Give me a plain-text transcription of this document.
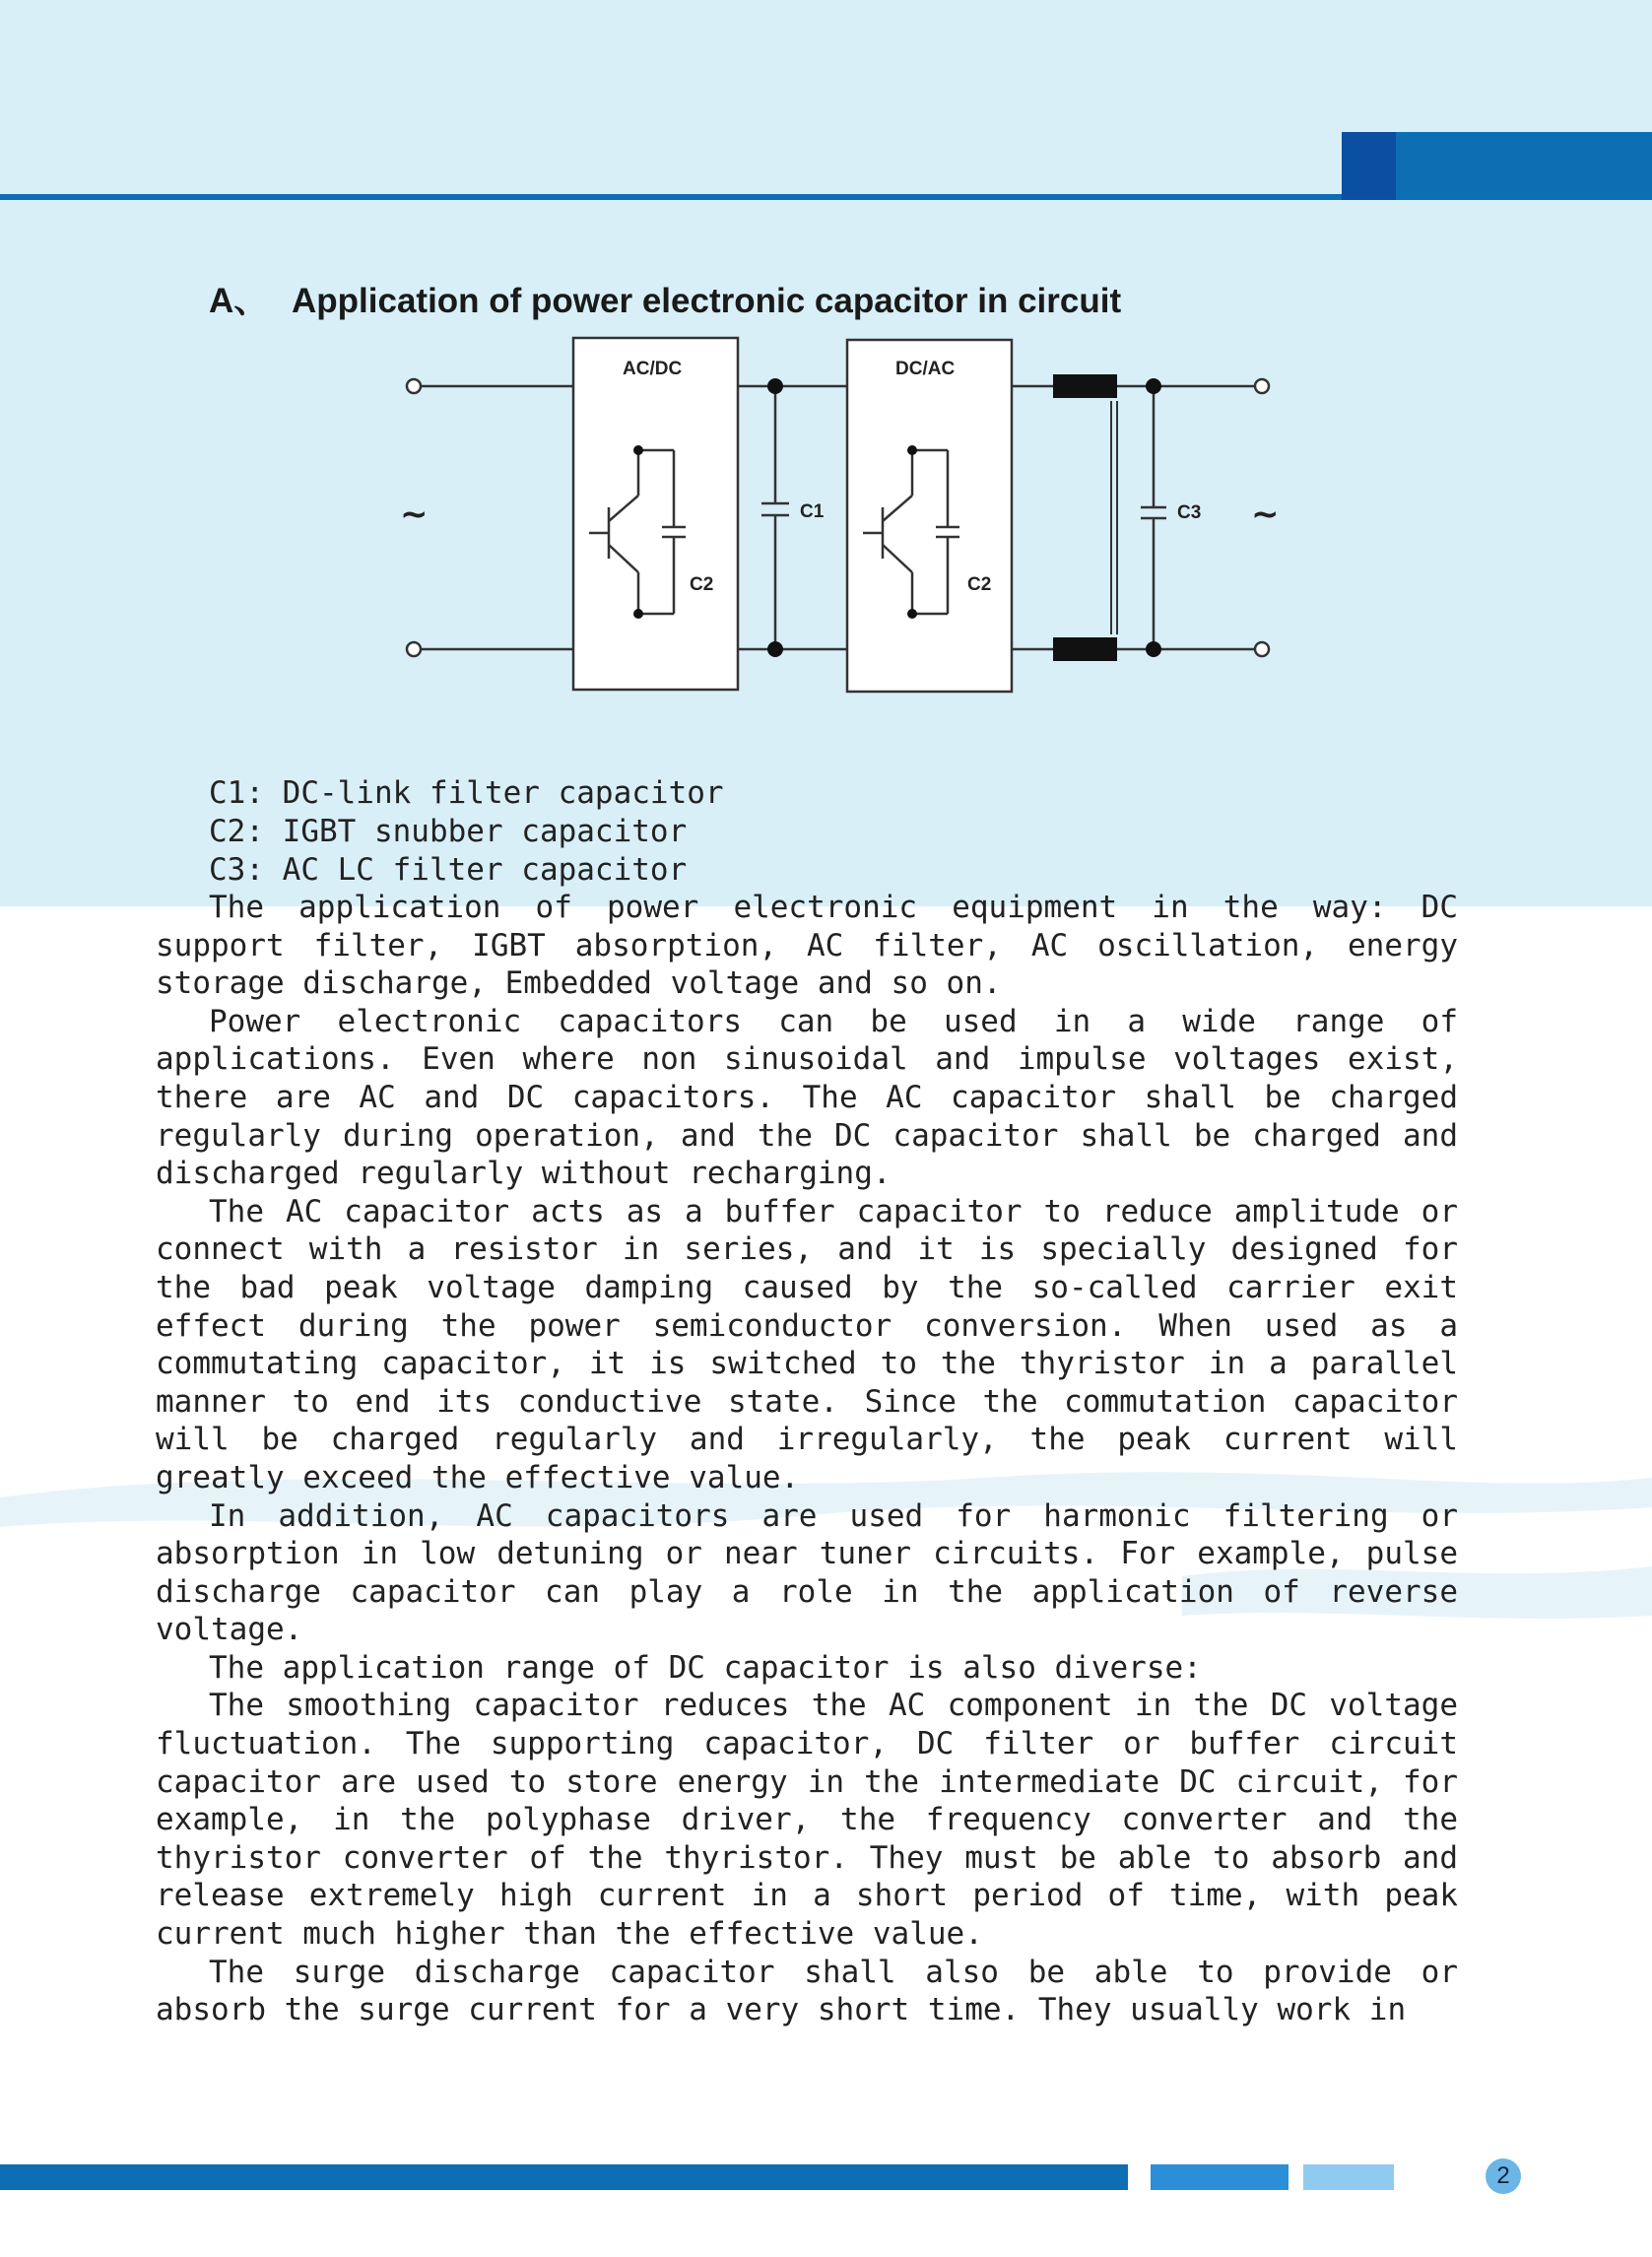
A、 Application of power electronic capacitor in circuit
AC/DC	DC/AC
C1
C2	C2
C3
~	~
C1: DC-link filter capacitor
C2: IGBT snubber capacitor
C3: AC LC filter capacitor

The application of power electronic equipment in the way: DC support filter, IGBT absorption, AC filter, AC oscillation, energy storage discharge, Embedded voltage and so on.

Power electronic capacitors can be used in a wide range of applications. Even where non sinusoidal and impulse voltages exist, there are AC and DC capacitors. The AC capacitor shall be charged regularly during operation, and the DC capacitor shall be charged and discharged regularly without recharging.

The AC capacitor acts as a buffer capacitor to reduce amplitude or connect with a resistor in series, and it is specially designed for the bad peak voltage damping caused by the so-called carrier exit effect during the power semiconductor conversion. When used as a commutating capacitor, it is switched to the thyristor in a parallel manner to end its conductive state. Since the commutation capacitor will be charged regularly and irregularly, the peak current will greatly exceed the effective value.

In addition, AC capacitors are used for harmonic filtering or absorption in low detuning or near tuner circuits. For example, pulse discharge capacitor can play a role in the application of reverse voltage.

The application range of DC capacitor is also diverse:

The smoothing capacitor reduces the AC component in the DC voltage fluctuation. The supporting capacitor, DC filter or buffer circuit capacitor are used to store energy in the intermediate DC circuit, for example, in the polyphase driver, the frequency converter and the thyristor converter of the thyristor. They must be able to absorb and release extremely high current in a short period of time, with peak current much higher than the effective value.

The surge discharge capacitor shall also be able to provide or absorb the surge current for a very short time. They usually work in

2
